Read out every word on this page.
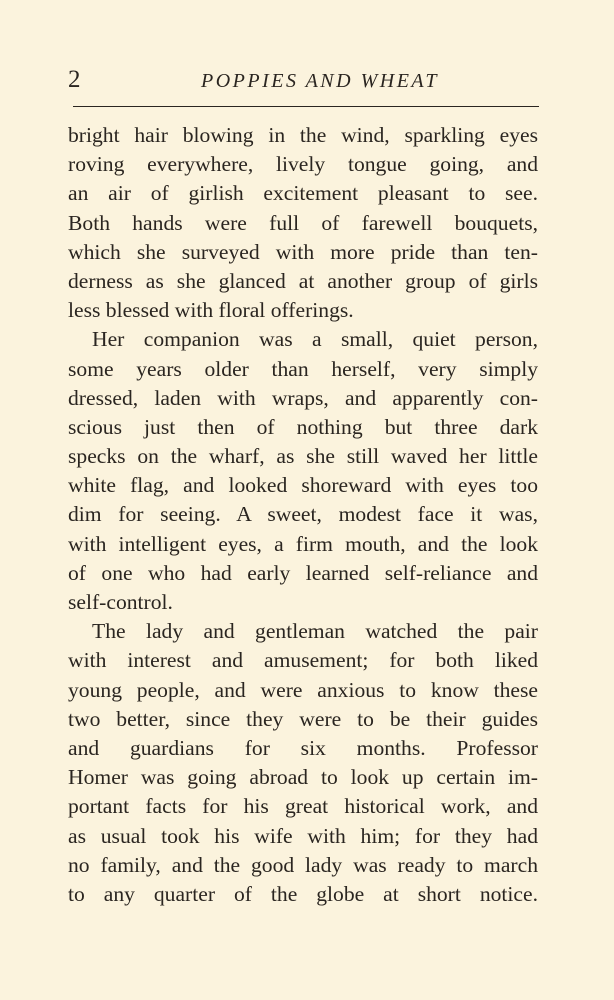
2	POPPIES AND WHEAT
bright hair blowing in the wind, sparkling eyes
roving everywhere, lively tongue going, and
an air of girlish excitement pleasant to see.
Both hands were full of farewell bouquets,
which she surveyed with more pride than ten-
derness as she glanced at another group of girls
less blessed with floral offerings.
Her companion was a small, quiet person,
some years older than herself, very simply
dressed, laden with wraps, and apparently con-
scious just then of nothing but three dark
specks on the wharf, as she still waved her little
white flag, and looked shoreward with eyes too
dim for seeing. A sweet, modest face it was,
with intelligent eyes, a firm mouth, and the look
of one who had early learned self-reliance and
self-control.
The lady and gentleman watched the pair
with interest and amusement; for both liked
young people, and were anxious to know these
two better, since they were to be their guides
and guardians for six months. Professor
Homer was going abroad to look up certain im-
portant facts for his great historical work, and
as usual took his wife with him; for they had
no family, and the good lady was ready to march
to any quarter of the globe at short notice.
